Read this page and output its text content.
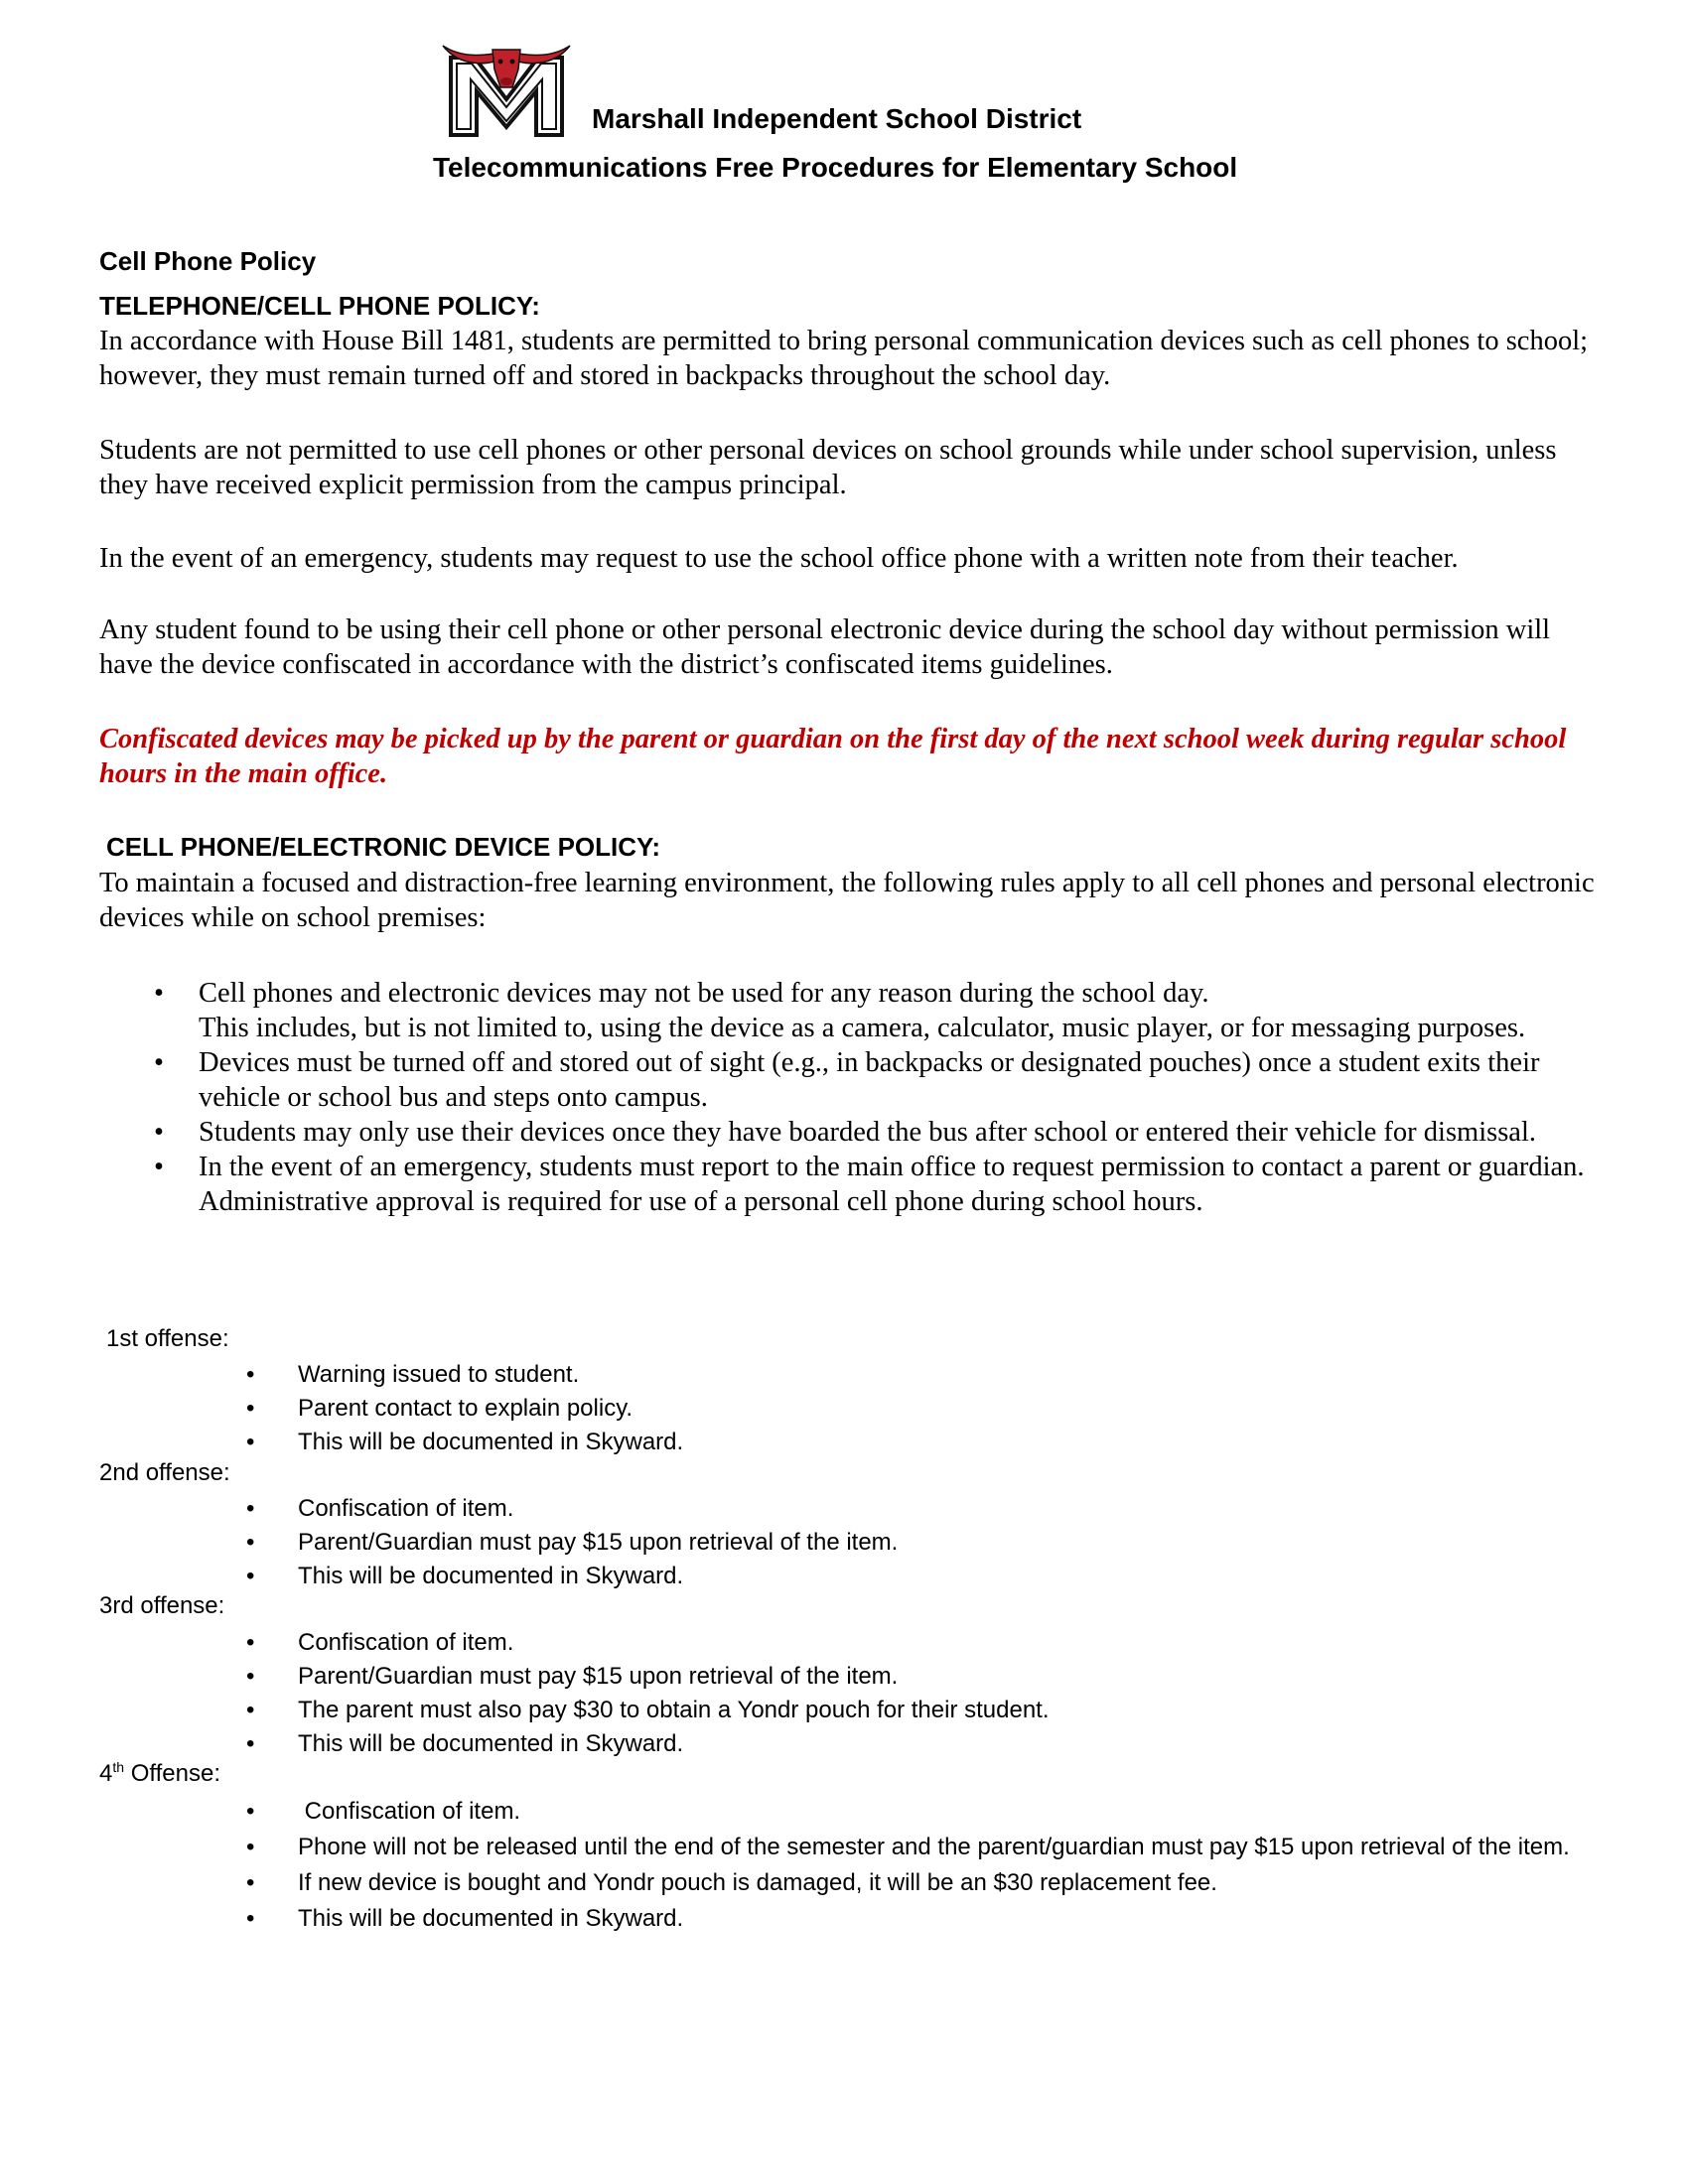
Marshall Independent School District
Telecommunications Free Procedures for Elementary School
Cell Phone Policy
TELEPHONE/CELL PHONE POLICY:

In accordance with House Bill 1481, students are permitted to bring personal communication devices such as cell phones to school; however, they must remain turned off and stored in backpacks throughout the school day.

Students are not permitted to use cell phones or other personal devices on school grounds while under school supervision, unless they have received explicit permission from the campus principal.

In the event of an emergency, students may request to use the school office phone with a written note from their teacher.

Any student found to be using their cell phone or other personal electronic device during the school day without permission will have the device confiscated in accordance with the district’s confiscated items guidelines.

Confiscated devices may be picked up by the parent or guardian on the first day of the next school week during regular school hours in the main office.

CELL PHONE/ELECTRONIC DEVICE POLICY:

To maintain a focused and distraction-free learning environment, the following rules apply to all cell phones and personal electronic devices while on school premises:

• Cell phones and electronic devices may not be used for any reason during the school day.
This includes, but is not limited to, using the device as a camera, calculator, music player, or for messaging purposes.
• Devices must be turned off and stored out of sight (e.g., in backpacks or designated pouches) once a student exits their vehicle or school bus and steps onto campus.
• Students may only use their devices once they have boarded the bus after school or entered their vehicle for dismissal.
• In the event of an emergency, students must report to the main office to request permission to contact a parent or guardian. Administrative approval is required for use of a personal cell phone during school hours.
1st offense:
• Warning issued to student.
• Parent contact to explain policy.
• This will be documented in Skyward.
2nd offense:
• Confiscation of item.
• Parent/Guardian must pay $15 upon retrieval of the item.
• This will be documented in Skyward.
3rd offense:
• Confiscation of item.
• Parent/Guardian must pay $15 upon retrieval of the item.
• The parent must also pay $30 to obtain a Yondr pouch for their student.
• This will be documented in Skyward.
4th Offense:
• Confiscation of item.
• Phone will not be released until the end of the semester and the parent/guardian must pay $15 upon retrieval of the item.
• If new device is bought and Yondr pouch is damaged, it will be an $30 replacement fee.
• This will be documented in Skyward.
